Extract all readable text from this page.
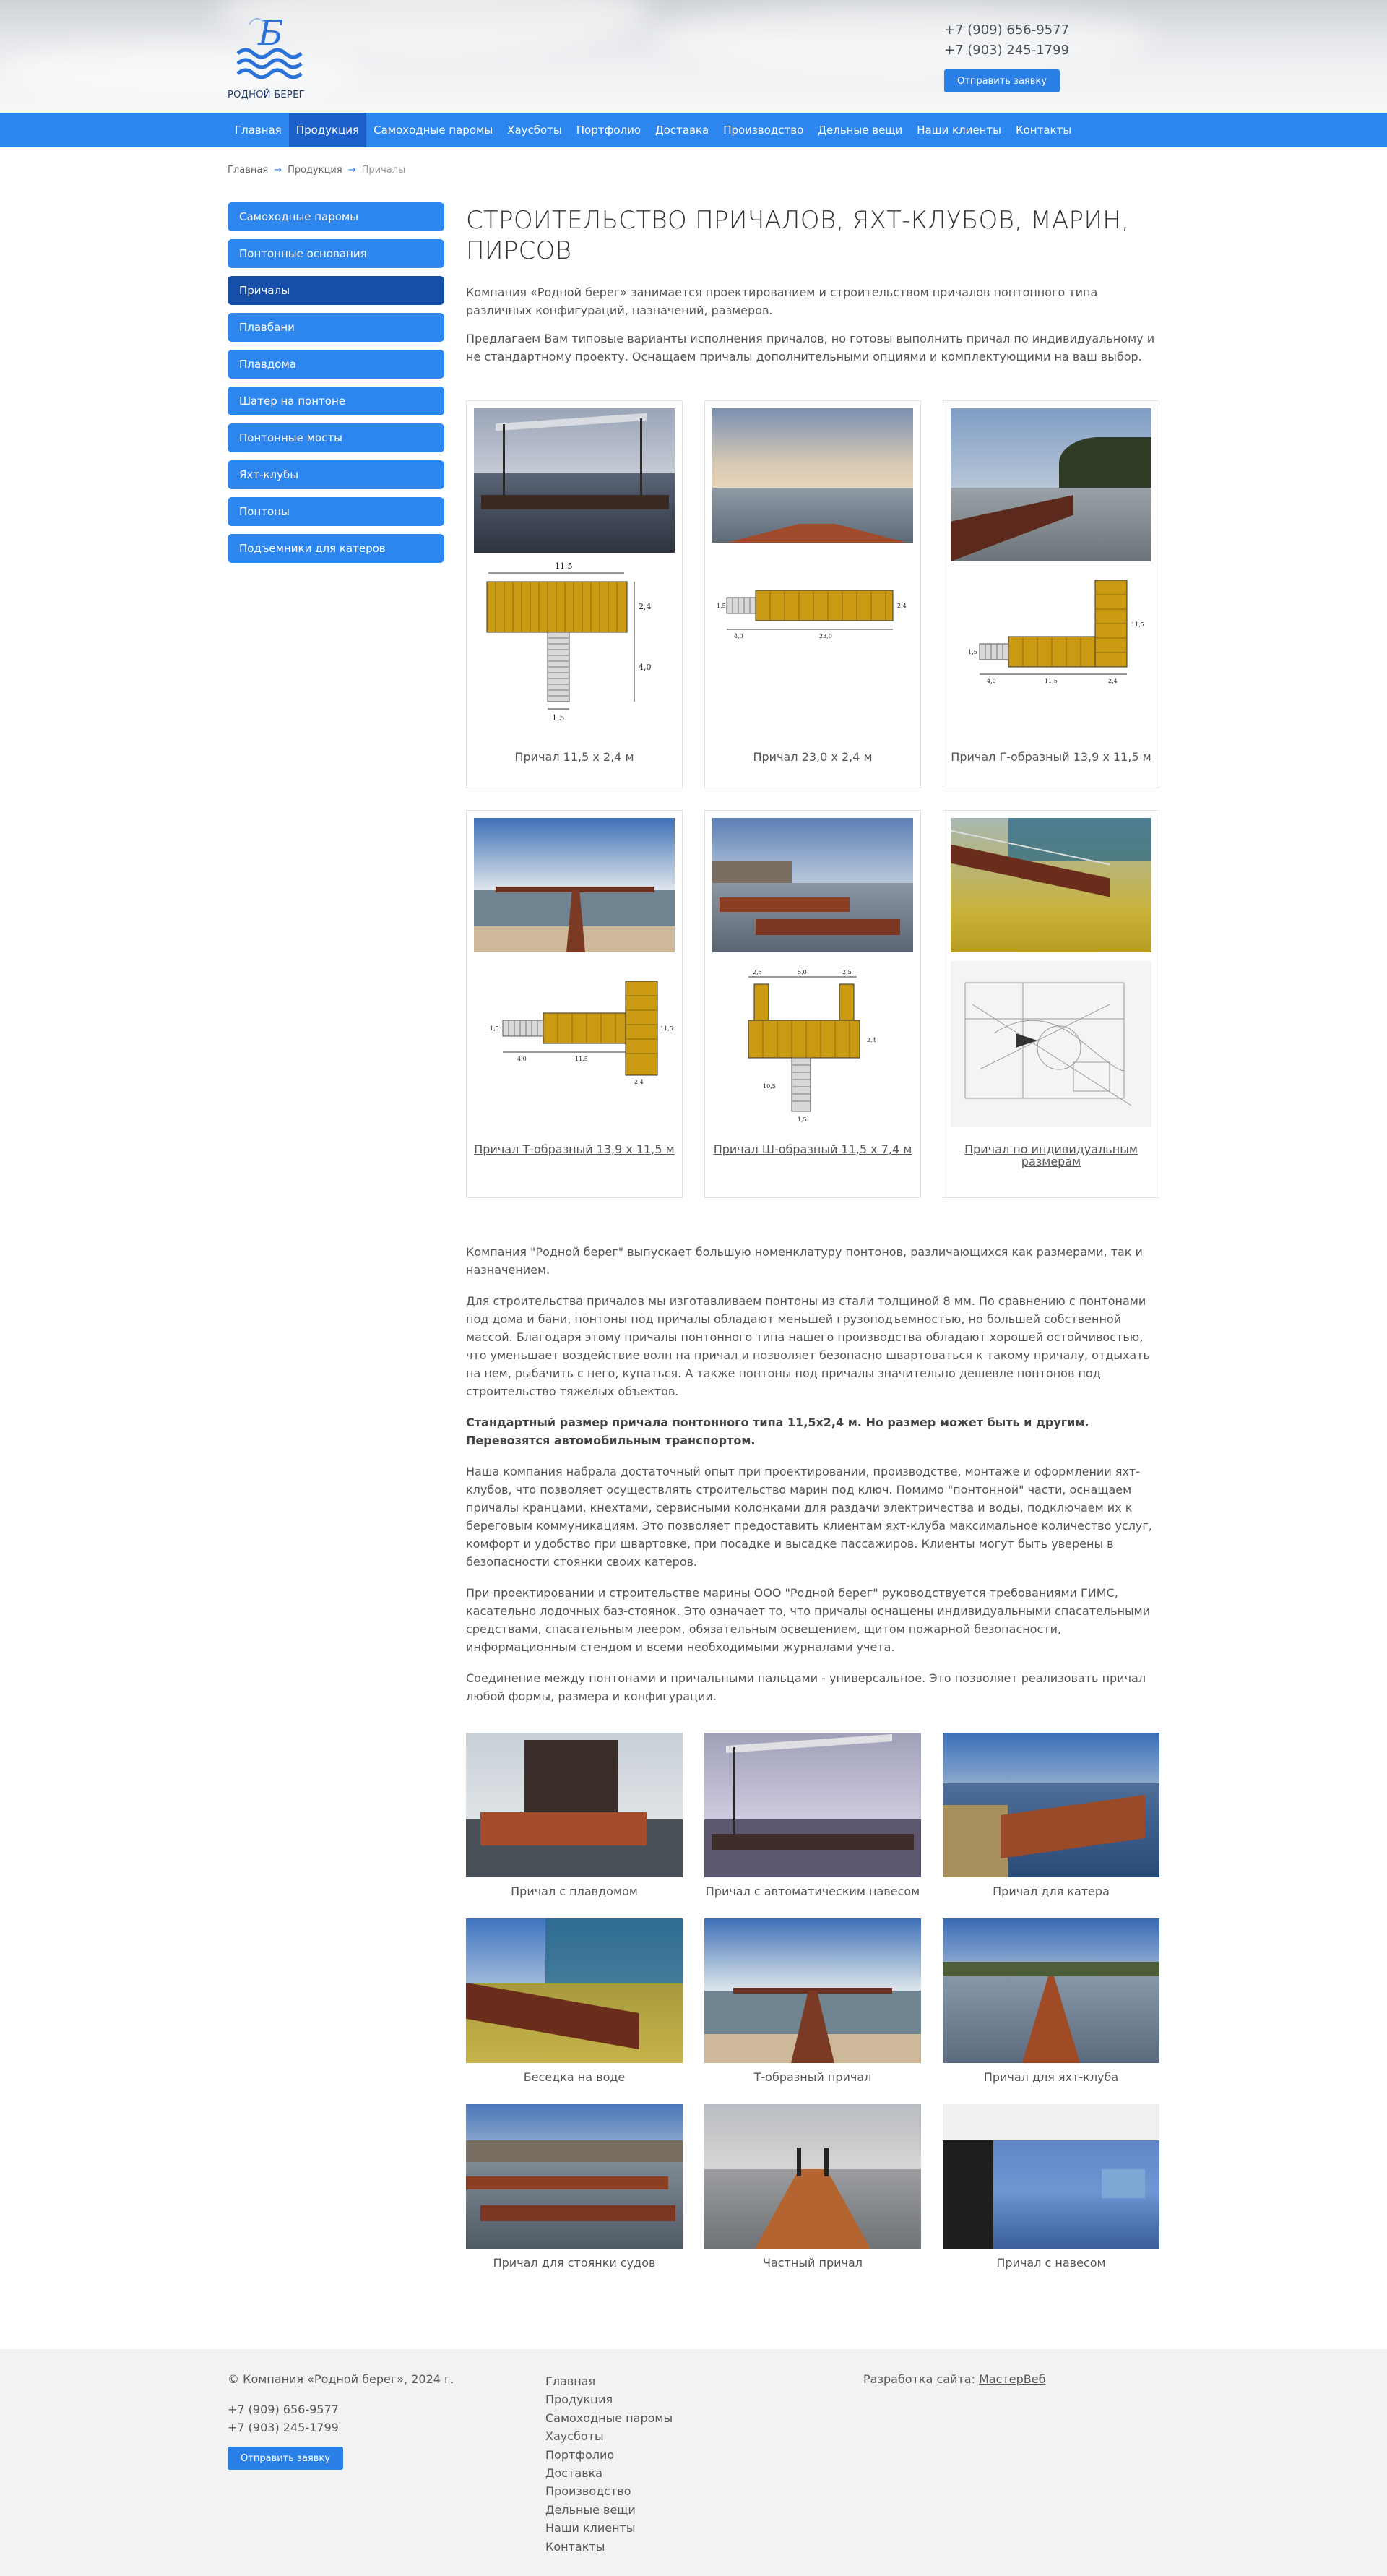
Б
РОДНОЙ БЕРЕГ
+7 (909) 656-9577
+7 (903) 245-1799
Отправить заявку
Главная	Продукция	Самоходные паромы	Хаусботы	Портфолио	Доставка	Производство	Дельные вещи	Наши клиенты	Контакты
Главная → Продукция → Причалы
Самоходные паромы
Понтонные основания
Причалы
Плавбани
Плавдома
Шатер на понтоне
Понтонные мосты
Яхт-клубы
Понтоны
Подъемники для катеров
СТРОИТЕЛЬСТВО ПРИЧАЛОВ, ЯХТ-КЛУБОВ, МАРИН, ПИРСОВ

Компания «Родной берег» занимается проектированием и строительством причалов понтонного типа различных конфигураций, назначений, размеров.

Предлагаем Вам типовые варианты исполнения причалов, но готовы выполнить причал по индивидуальному и не стандартному проекту. Оснащаем причалы дополнительными опциями и комплектующими на ваш выбор.

11,5
2,4
4,0
1,5
Причал 11,5 х 2,4 м
23,0
2,4
4,0
1,5
Причал 23,0 х 2,4 м
11,5	2,4
4,0
1,5
11,5
Причал Г-образный 13,9 х 11,5 м
11,5
2,4
4,0
1,5	11,5
Причал Т-образный 13,9 х 11,5 м
2,5	5,0	2,5
2,4
10,5
1,5
Причал Ш-образный 11,5 х 7,4 м	Причал по индивидуальным размерам

Компания "Родной берег" выпускает большую номенклатуру понтонов, различающихся как размерами, так и назначением.

Для строительства причалов мы изготавливаем понтоны из стали толщиной 8 мм. По сравнению с понтонами под дома и бани, понтоны под причалы обладают меньшей грузоподъемностью, но большей собственной массой. Благодаря этому причалы понтонного типа нашего производства обладают хорошей остойчивостью, что уменьшает воздействие волн на причал и позволяет безопасно швартоваться к такому причалу, отдыхать на нем, рыбачить с него, купаться. А также понтоны под причалы значительно дешевле понтонов под строительство тяжелых объектов.

Стандартный размер причала понтонного типа 11,5х2,4 м. Но размер может быть и другим. Перевозятся автомобильным транспортом.

Наша компания набрала достаточный опыт при проектировании, производстве, монтаже и оформлении яхт-клубов, что позволяет осуществлять строительство марин под ключ. Помимо "понтонной" части, оснащаем причалы кранцами, кнехтами, сервисными колонками для раздачи электричества и воды, подключаем их к береговым коммуникациям. Это позволяет предоставить клиентам яхт-клуба максимальное количество услуг, комфорт и удобство при швартовке, при посадке и высадке пассажиров. Клиенты могут быть уверены в безопасности стоянки своих катеров.

При проектировании и строительстве марины ООО "Родной берег" руководствуется требованиями ГИМС, касательно лодочных баз-стоянок. Это означает то, что причалы оснащены индивидуальными спасательными средствами, спасательным леером, обязательным освещением, щитом пожарной безопасности, информационным стендом и всеми необходимыми журналами учета.

Соединение между понтонами и причальными пальцами - универсальное. Это позволяет реализовать причал любой формы, размера и конфигурации.

Причал с плавдомом	Причал с автоматическим навесом	Причал для катера
Беседка на воде	Т-образный причал	Причал для яхт-клуба
Причал для стоянки судов	Частный причал	Причал с навесом
© Компания «Родной берег», 2024 г.
+7 (909) 656-9577
+7 (903) 245-1799
Отправить заявку
Главная
Продукция
Самоходные паромы
Хаусботы
Портфолио
Доставка
Производство
Дельные вещи
Наши клиенты
Контакты
Разработка сайта: МастерВеб
